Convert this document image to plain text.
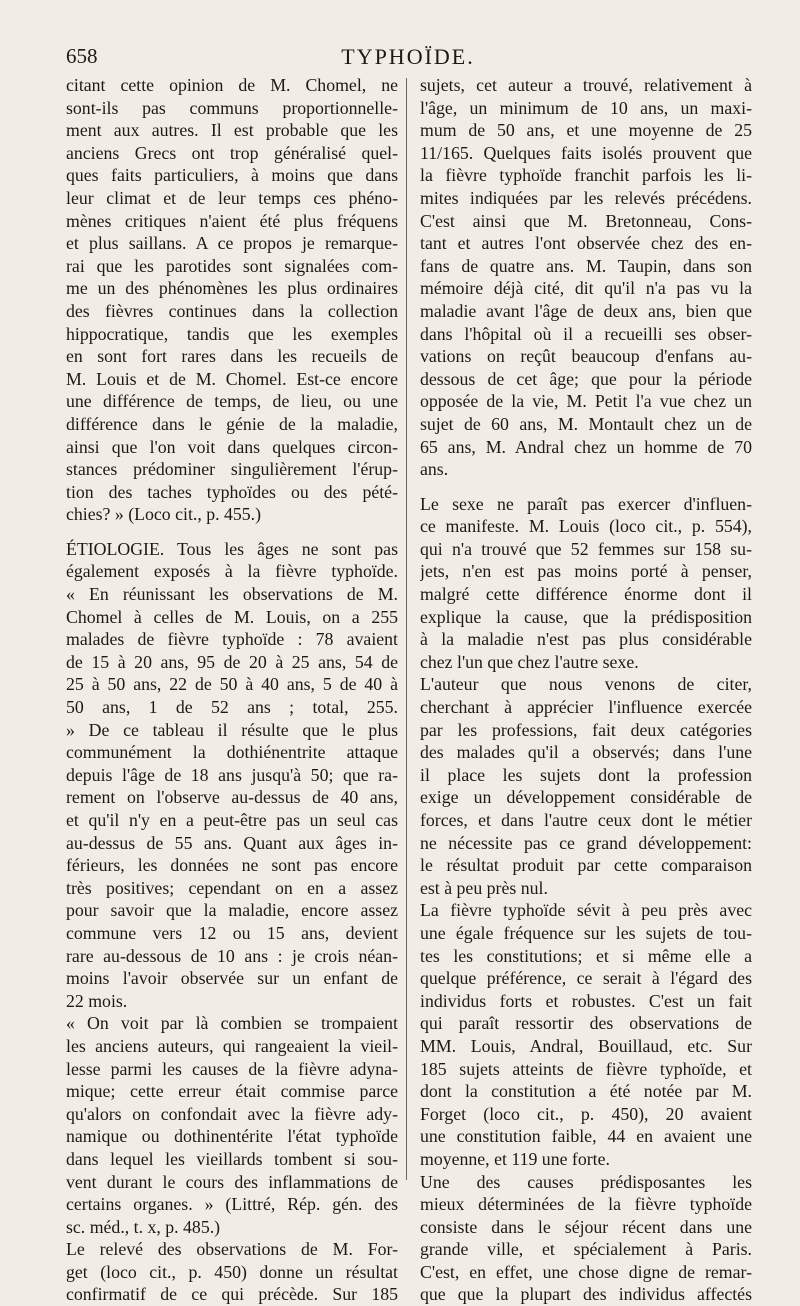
658	TYPHOÏDE.
citant cette opinion de M. Chomel, ne
sont-ils pas communs proportionnelle-
ment aux autres. Il est probable que les
anciens Grecs ont trop généralisé quel-
ques faits particuliers, à moins que dans
leur climat et de leur temps ces phéno-
mènes critiques n'aient été plus fréquens
et plus saillans. A ce propos je remarque-
rai que les parotides sont signalées com-
me un des phénomènes les plus ordinaires
des fièvres continues dans la collection
hippocratique, tandis que les exemples
en sont fort rares dans les recueils de
M. Louis et de M. Chomel. Est-ce encore
une différence de temps, de lieu, ou une
différence dans le génie de la maladie,
ainsi que l'on voit dans quelques circon-
stances prédominer singulièrement l'érup-
tion des taches typhoïdes ou des pété-
chies? » (Loco cit., p. 455.)
ÉTIOLOGIE. Tous les âges ne sont pas
également exposés à la fièvre typhoïde.
« En réunissant les observations de M.
Chomel à celles de M. Louis, on a 255
malades de fièvre typhoïde : 78 avaient
de 15 à 20 ans, 95 de 20 à 25 ans, 54 de
25 à 50 ans, 22 de 50 à 40 ans, 5 de 40 à
50 ans, 1 de 52 ans ; total, 255.
» De ce tableau il résulte que le plus
communément la dothiénentrite attaque
depuis l'âge de 18 ans jusqu'à 50; que ra-
rement on l'observe au-dessus de 40 ans,
et qu'il n'y en a peut-être pas un seul cas
au-dessus de 55 ans. Quant aux âges in-
férieurs, les données ne sont pas encore
très positives; cependant on en a assez
pour savoir que la maladie, encore assez
commune vers 12 ou 15 ans, devient
rare au-dessous de 10 ans : je crois néan-
moins l'avoir observée sur un enfant de
22 mois.
« On voit par là combien se trompaient
les anciens auteurs, qui rangeaient la vieil-
lesse parmi les causes de la fièvre adyna-
mique; cette erreur était commise parce
qu'alors on confondait avec la fièvre ady-
namique ou dothinentérite l'état typhoïde
dans lequel les vieillards tombent si sou-
vent durant le cours des inflammations de
certains organes. » (Littré, Rép. gén. des
sc. méd., t. x, p. 485.)
Le relevé des observations de M. For-
get (loco cit., p. 450) donne un résultat
confirmatif de ce qui précède. Sur 185
sujets, cet auteur a trouvé, relativement à
l'âge, un minimum de 10 ans, un maxi-
mum de 50 ans, et une moyenne de 25
11/165. Quelques faits isolés prouvent que
la fièvre typhoïde franchit parfois les li-
mites indiquées par les relevés précédens.
C'est ainsi que M. Bretonneau, Cons-
tant et autres l'ont observée chez des en-
fans de quatre ans. M. Taupin, dans son
mémoire déjà cité, dit qu'il n'a pas vu la
maladie avant l'âge de deux ans, bien que
dans l'hôpital où il a recueilli ses obser-
vations on reçût beaucoup d'enfans au-
dessous de cet âge; que pour la période
opposée de la vie, M. Petit l'a vue chez un
sujet de 60 ans, M. Montault chez un de
65 ans, M. Andral chez un homme de 70
ans.
Le sexe ne paraît pas exercer d'influen-
ce manifeste. M. Louis (loco cit., p. 554),
qui n'a trouvé que 52 femmes sur 158 su-
jets, n'en est pas moins porté à penser,
malgré cette différence énorme dont il
explique la cause, que la prédisposition
à la maladie n'est pas plus considérable
chez l'un que chez l'autre sexe.
L'auteur que nous venons de citer,
cherchant à apprécier l'influence exercée
par les professions, fait deux catégories
des malades qu'il a observés; dans l'une
il place les sujets dont la profession
exige un développement considérable de
forces, et dans l'autre ceux dont le métier
ne nécessite pas ce grand développement:
le résultat produit par cette comparaison
est à peu près nul.
La fièvre typhoïde sévit à peu près avec
une égale fréquence sur les sujets de tou-
tes les constitutions; et si même elle a
quelque préférence, ce serait à l'égard des
individus forts et robustes. C'est un fait
qui paraît ressortir des observations de
MM. Louis, Andral, Bouillaud, etc. Sur
185 sujets atteints de fièvre typhoïde, et
dont la constitution a été notée par M.
Forget (loco cit., p. 450), 20 avaient
une constitution faible, 44 en avaient une
moyenne, et 119 une forte.
Une des causes prédisposantes les
mieux déterminées de la fièvre typhoïde
consiste dans le séjour récent dans une
grande ville, et spécialement à Paris.
C'est, en effet, une chose digne de remar-
que que la plupart des individus affectés
